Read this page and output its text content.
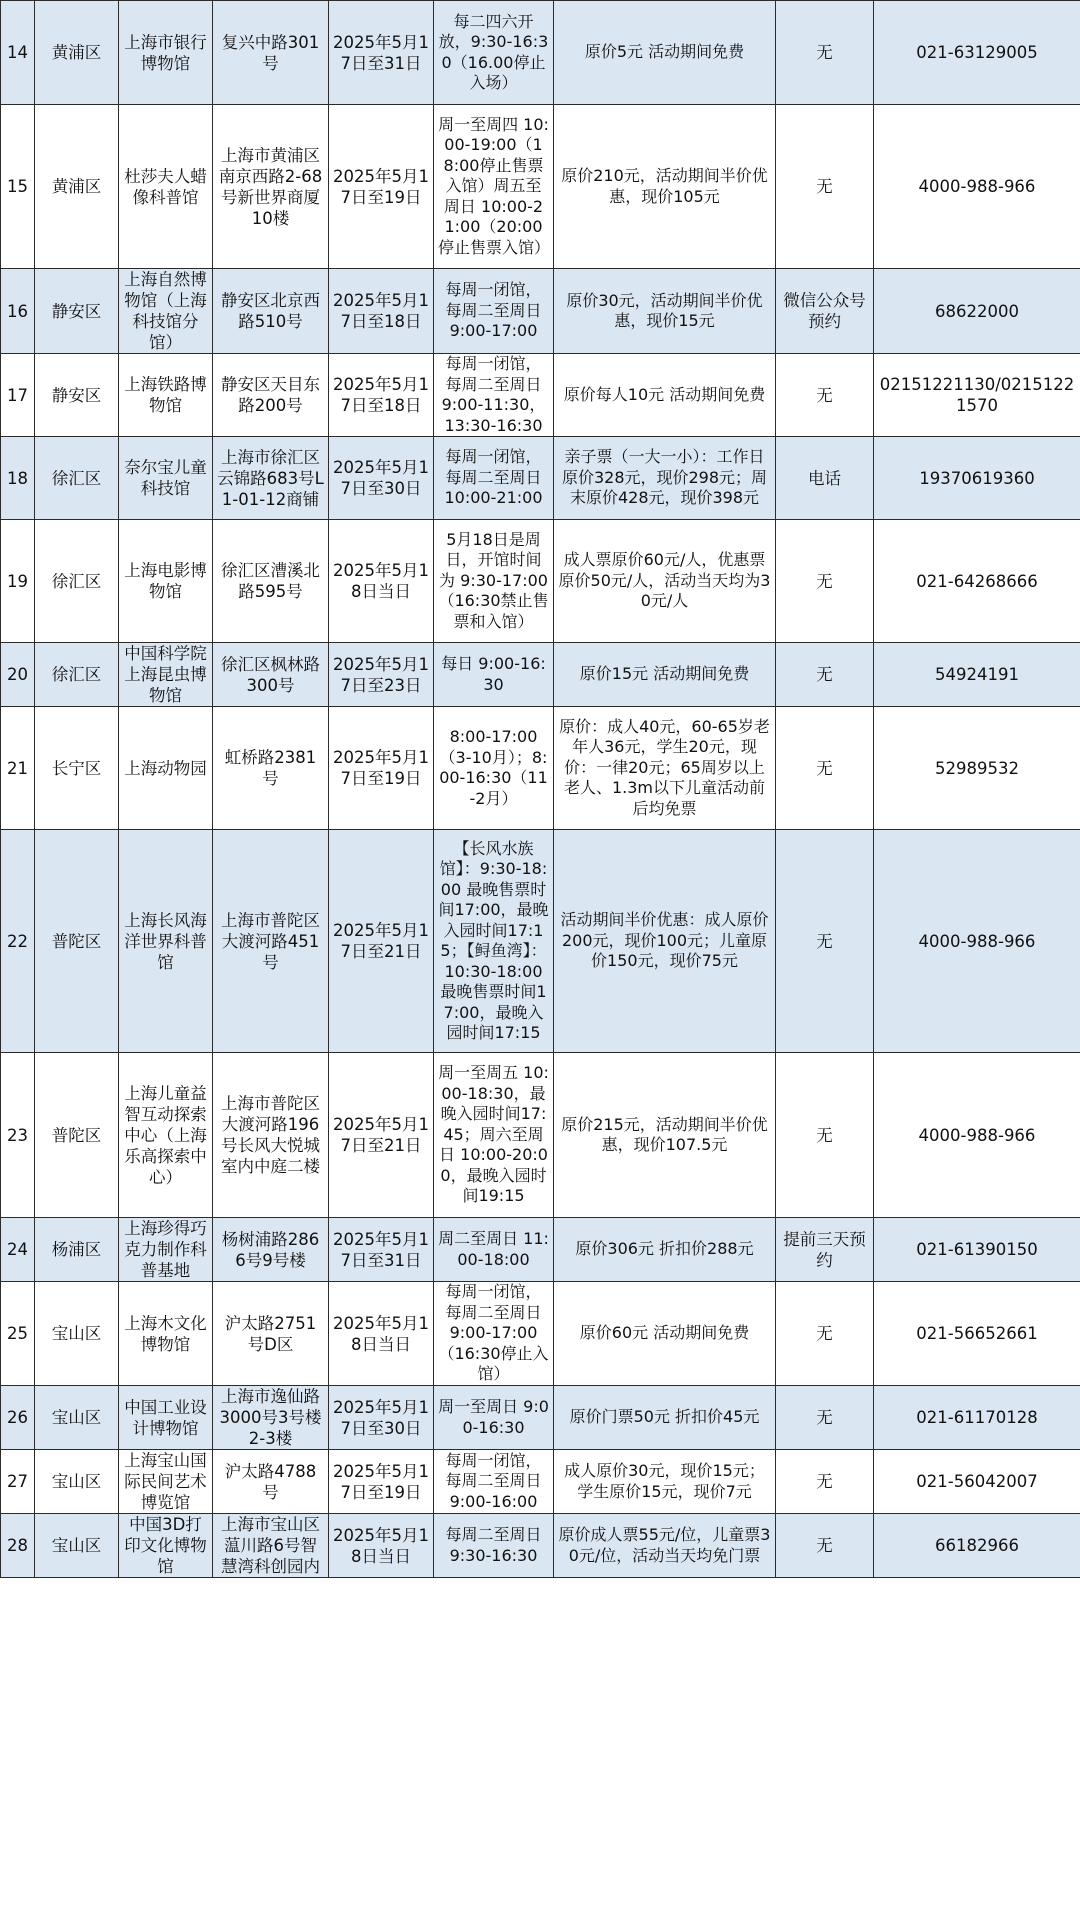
14	黄浦区	上海市银行博物馆	复兴中路301号	2025年5月17日至31日	每二四六开放，9:30-16:30（16.00停止入场）	原价5元 活动期间免费	无	021-63129005
15	黄浦区	杜莎夫人蜡像科普馆	上海市黄浦区南京西路2-68号新世界商厦10楼	2025年5月17日至19日	周一至周四 10:00-19:00（18:00停止售票入馆）周五至周日 10:00-21:00（20:00停止售票入馆）	原价210元，活动期间半价优惠，现价105元	无	4000-988-966
16	静安区	上海自然博物馆（上海科技馆分馆）	静安区北京西路510号	2025年5月17日至18日	每周一闭馆，每周二至周日 9:00-17:00	原价30元，活动期间半价优惠，现价15元	微信公众号预约	68622000
17	静安区	上海铁路博物馆	静安区天目东路200号	2025年5月17日至18日	每周一闭馆，每周二至周日 9:00-11:30，13:30-16:30	原价每人10元 活动期间免费	无	02151221130/02151221570
18	徐汇区	奈尔宝儿童科技馆	上海市徐汇区云锦路683号L1-01-12商铺	2025年5月17日至30日	每周一闭馆，每周二至周日 10:00-21:00	亲子票（一大一小）：工作日原价328元，现价298元；周末原价428元，现价398元	电话	19370619360
19	徐汇区	上海电影博物馆	徐汇区漕溪北路595号	2025年5月18日当日	5月18日是周日，开馆时间为 9:30-17:00（16:30禁止售票和入馆）	成人票原价60元/人，优惠票原价50元/人，活动当天均为30元/人	无	021-64268666
20	徐汇区	中国科学院上海昆虫博物馆	徐汇区枫林路300号	2025年5月17日至23日	每日 9:00-16:30	原价15元 活动期间免费	无	54924191
21	长宁区	上海动物园	虹桥路2381号	2025年5月17日至19日	8:00-17:00（3-10月）；8:00-16:30（11-2月）	原价：成人40元，60-65岁老年人36元，学生20元，现价：一律20元；65周岁以上老人、1.3m以下儿童活动前后均免票	无	52989532
22	普陀区	上海长风海洋世界科普馆	上海市普陀区大渡河路451号	2025年5月17日至21日	【长风水族馆】：9:30-18:00 最晚售票时间17:00，最晚入园时间17:15；【鲟鱼湾】：10:30-18:00 最晚售票时间17:00，最晚入园时间17:15	活动期间半价优惠：成人原价200元，现价100元；儿童原价150元，现价75元	无	4000-988-966
23	普陀区	上海儿童益智互动探索中心（上海乐高探索中心）	上海市普陀区大渡河路196号长风大悦城室内中庭二楼	2025年5月17日至21日	周一至周五 10:00-18:30，最晚入园时间17:45；周六至周日 10:00-20:00，最晚入园时间19:15	原价215元，活动期间半价优惠，现价107.5元	无	4000-988-966
24	杨浦区	上海珍得巧克力制作科普基地	杨树浦路2866号9号楼	2025年5月17日至31日	周二至周日 11:00-18:00	原价306元 折扣价288元	提前三天预约	021-61390150
25	宝山区	上海木文化博物馆	沪太路2751号D区	2025年5月18日当日	每周一闭馆，每周二至周日 9:00-17:00（16:30停止入馆）	原价60元 活动期间免费	无	021-56652661
26	宝山区	中国工业设计博物馆	上海市逸仙路3000号3号楼2-3楼	2025年5月17日至30日	周一至周日 9:00-16:30	原价门票50元 折扣价45元	无	021-61170128
27	宝山区	上海宝山国际民间艺术博览馆	沪太路4788号	2025年5月17日至19日	每周一闭馆，每周二至周日 9:00-16:00	成人原价30元，现价15元；学生原价15元，现价7元	无	021-56042007
28	宝山区	中国3D打印文化博物馆	上海市宝山区蕰川路6号智慧湾科创园内	2025年5月18日当日	每周二至周日 9:30-16:30	原价成人票55元/位，儿童票30元/位，活动当天均免门票	无	66182966
